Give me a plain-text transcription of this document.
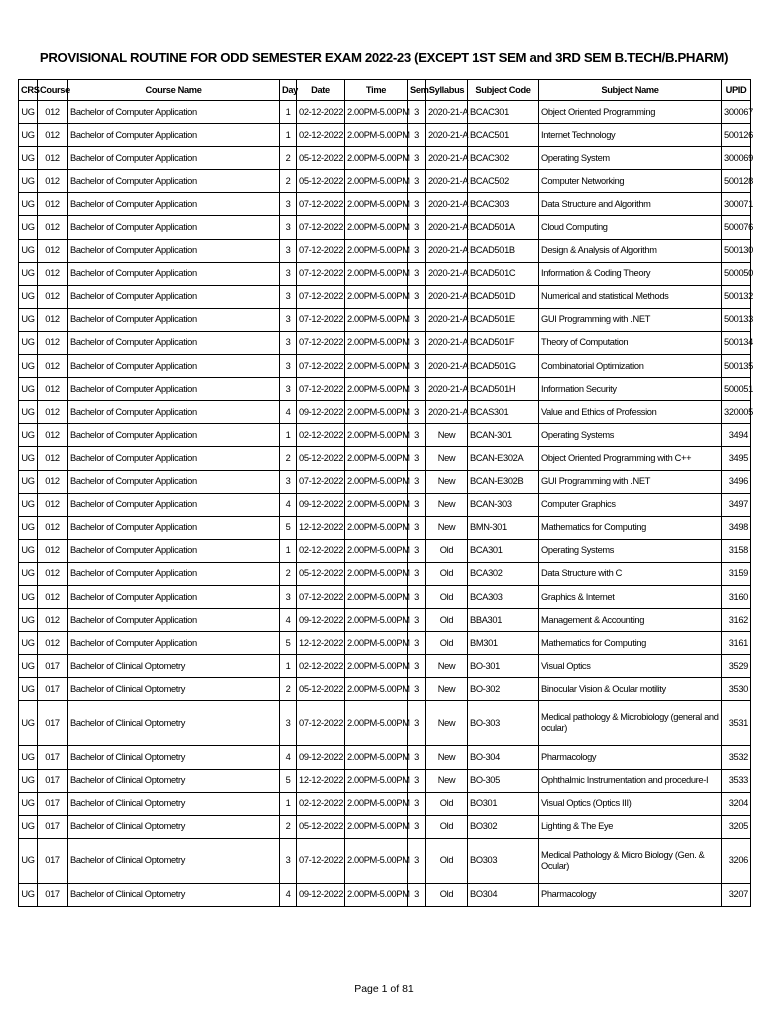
PROVISIONAL ROUTINE FOR ODD SEMESTER EXAM 2022-23 (EXCEPT 1ST SEM and 3RD SEM B.TECH/B.PHARM)
CRS	Course	Course Name	Day	Date	Time	Sem	Syllabus	Subject Code	Subject Name	UPID
UG	012	Bachelor of Computer Application	1	02-12-2022	2.00PM-5.00PM	3	2020-21-A	BCAC301	Object Oriented Programming	300067
UG	012	Bachelor of Computer Application	1	02-12-2022	2.00PM-5.00PM	3	2020-21-A	BCAC501	Internet Technology	500126
UG	012	Bachelor of Computer Application	2	05-12-2022	2.00PM-5.00PM	3	2020-21-A	BCAC302	Operating System	300069
UG	012	Bachelor of Computer Application	2	05-12-2022	2.00PM-5.00PM	3	2020-21-A	BCAC502	Computer Networking	500128
UG	012	Bachelor of Computer Application	3	07-12-2022	2.00PM-5.00PM	3	2020-21-A	BCAC303	Data Structure and Algorithm	300071
UG	012	Bachelor of Computer Application	3	07-12-2022	2.00PM-5.00PM	3	2020-21-A	BCAD501A	Cloud Computing	500076
UG	012	Bachelor of Computer Application	3	07-12-2022	2.00PM-5.00PM	3	2020-21-A	BCAD501B	Design & Analysis of Algorithm	500130
UG	012	Bachelor of Computer Application	3	07-12-2022	2.00PM-5.00PM	3	2020-21-A	BCAD501C	Information & Coding Theory	500050
UG	012	Bachelor of Computer Application	3	07-12-2022	2.00PM-5.00PM	3	2020-21-A	BCAD501D	Numerical and statistical Methods	500132
UG	012	Bachelor of Computer Application	3	07-12-2022	2.00PM-5.00PM	3	2020-21-A	BCAD501E	GUI Programming with .NET	500133
UG	012	Bachelor of Computer Application	3	07-12-2022	2.00PM-5.00PM	3	2020-21-A	BCAD501F	Theory of Computation	500134
UG	012	Bachelor of Computer Application	3	07-12-2022	2.00PM-5.00PM	3	2020-21-A	BCAD501G	Combinatorial Optimization	500135
UG	012	Bachelor of Computer Application	3	07-12-2022	2.00PM-5.00PM	3	2020-21-A	BCAD501H	Information Security	500051
UG	012	Bachelor of Computer Application	4	09-12-2022	2.00PM-5.00PM	3	2020-21-A	BCAS301	Value and Ethics of Profession	320005
UG	012	Bachelor of Computer Application	1	02-12-2022	2.00PM-5.00PM	3	New	BCAN-301	Operating Systems	3494
UG	012	Bachelor of Computer Application	2	05-12-2022	2.00PM-5.00PM	3	New	BCAN-E302A	Object Oriented Programming with C++	3495
UG	012	Bachelor of Computer Application	3	07-12-2022	2.00PM-5.00PM	3	New	BCAN-E302B	GUI Programming with .NET	3496
UG	012	Bachelor of Computer Application	4	09-12-2022	2.00PM-5.00PM	3	New	BCAN-303	Computer Graphics	3497
UG	012	Bachelor of Computer Application	5	12-12-2022	2.00PM-5.00PM	3	New	BMN-301	Mathematics for Computing	3498
UG	012	Bachelor of Computer Application	1	02-12-2022	2.00PM-5.00PM	3	Old	BCA301	Operating Systems	3158
UG	012	Bachelor of Computer Application	2	05-12-2022	2.00PM-5.00PM	3	Old	BCA302	Data Structure with C	3159
UG	012	Bachelor of Computer Application	3	07-12-2022	2.00PM-5.00PM	3	Old	BCA303	Graphics & Internet	3160
UG	012	Bachelor of Computer Application	4	09-12-2022	2.00PM-5.00PM	3	Old	BBA301	Management & Accounting	3162
UG	012	Bachelor of Computer Application	5	12-12-2022	2.00PM-5.00PM	3	Old	BM301	Mathematics for Computing	3161
UG	017	Bachelor of Clinical Optometry	1	02-12-2022	2.00PM-5.00PM	3	New	BO-301	Visual Optics	3529
UG	017	Bachelor of Clinical Optometry	2	05-12-2022	2.00PM-5.00PM	3	New	BO-302	Binocular Vision & Ocular motility	3530
UG	017	Bachelor of Clinical Optometry	3	07-12-2022	2.00PM-5.00PM	3	New	BO-303	Medical pathology & Microbiology (general and ocular)	3531
UG	017	Bachelor of Clinical Optometry	4	09-12-2022	2.00PM-5.00PM	3	New	BO-304	Pharmacology	3532
UG	017	Bachelor of Clinical Optometry	5	12-12-2022	2.00PM-5.00PM	3	New	BO-305	Ophthalmic Instrumentation and procedure-I	3533
UG	017	Bachelor of Clinical Optometry	1	02-12-2022	2.00PM-5.00PM	3	Old	BO301	Visual Optics (Optics III)	3204
UG	017	Bachelor of Clinical Optometry	2	05-12-2022	2.00PM-5.00PM	3	Old	BO302	Lighting & The Eye	3205
UG	017	Bachelor of Clinical Optometry	3	07-12-2022	2.00PM-5.00PM	3	Old	BO303	Medical Pathology & Micro Biology (Gen. & Ocular)	3206
UG	017	Bachelor of Clinical Optometry	4	09-12-2022	2.00PM-5.00PM	3	Old	BO304	Pharmacology	3207
Page 1 of 81
